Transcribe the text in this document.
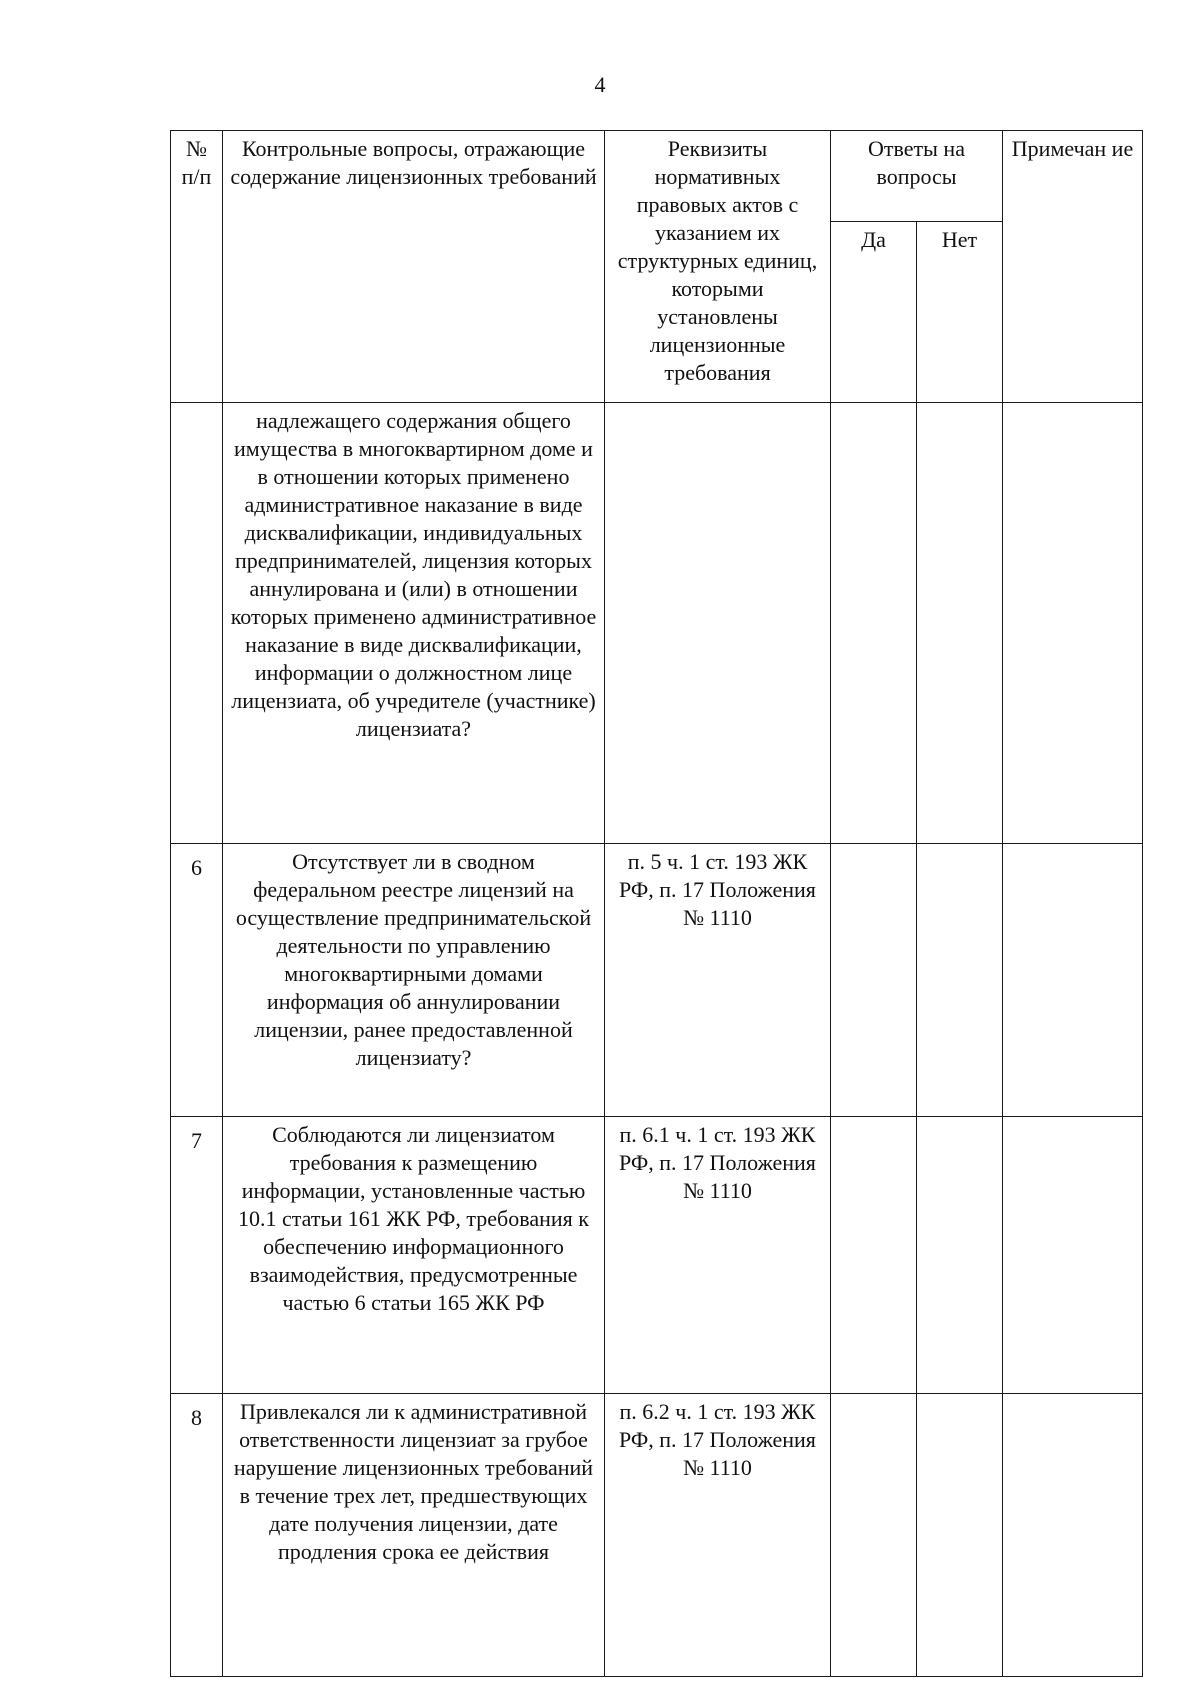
4
№ п/п	Контрольные вопросы, отражающие содержание лицензионных требований	Реквизиты нормативных правовых актов с указанием их структурных единиц, которыми установлены лицензионные требования	Ответы на вопросы		Примечан ие

			Да	Нет	

	надлежащего содержания общего имущества в многоквартирном доме и в отношении которых применено административное наказание в виде дисквалификации, индивидуальных предпринимателей, лицензия которых аннулирована и (или) в отношении которых применено административное наказание в виде дисквалификации, информации о должностном лице лицензиата, об учредителе (участнике) лицензиата?				

6	Отсутствует ли в сводном федеральном реестре лицензий на осуществление предпринимательской деятельности по управлению многоквартирными домами информация об аннулировании лицензии, ранее предоставленной лицензиату?	п. 5 ч. 1 ст. 193 ЖК РФ, п. 17 Положения № 1110			

7	Соблюдаются ли лицензиатом требования к размещению информации, установленные частью 10.1 статьи 161 ЖК РФ, требования к обеспечению информационного взаимодействия, предусмотренные частью 6 статьи 165 ЖК РФ	п. 6.1 ч. 1 ст. 193 ЖК РФ, п. 17 Положения № 1110			

8	Привлекался ли к административной ответственности лицензиат за грубое нарушение лицензионных требований в течение трех лет, предшествующих дате получения лицензии, дате продления срока ее действия	п. 6.2 ч. 1 ст. 193 ЖК РФ, п. 17 Положения № 1110			
